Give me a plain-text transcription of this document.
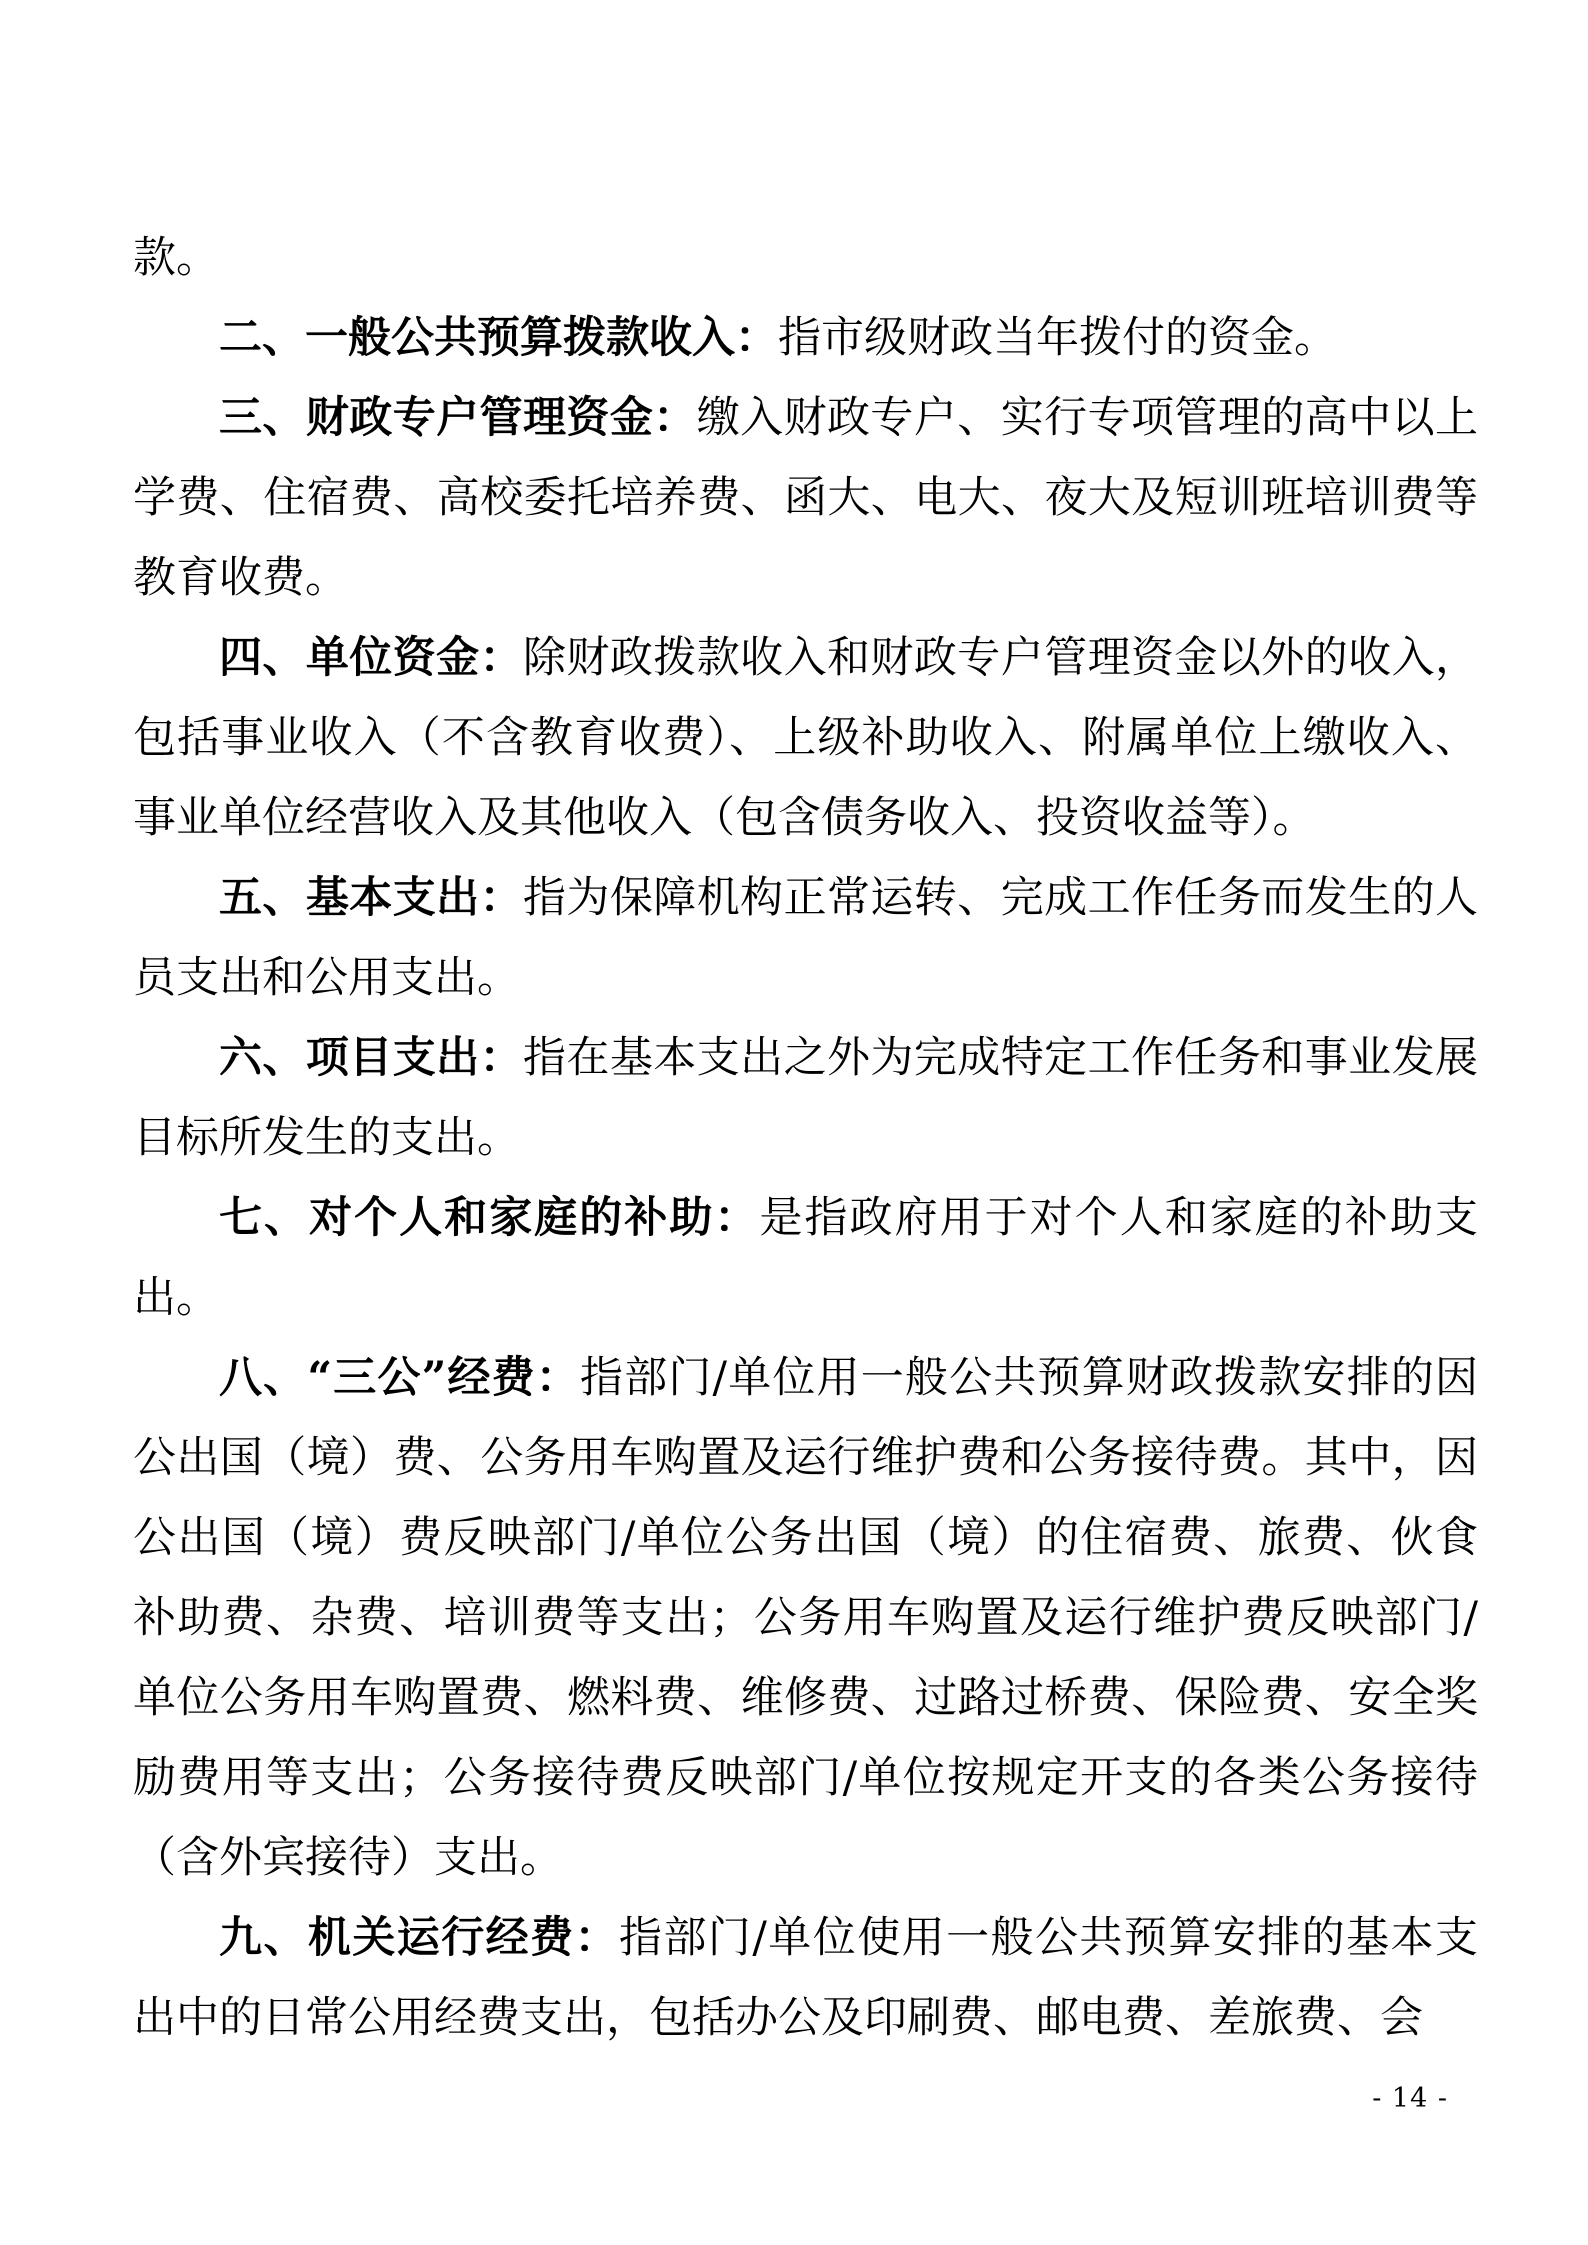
款。

二、一般公共预算拨款收入：指市级财政当年拨付的资金。

三、财政专户管理资金：缴入财政专户、实行专项管理的高中以上学费、住宿费、高校委托培养费、函大、电大、夜大及短训班培训费等教育收费。

四、单位资金：除财政拨款收入和财政专户管理资金以外的收入，包括事业收入（不含教育收费）、上级补助收入、附属单位上缴收入、事业单位经营收入及其他收入（包含债务收入、投资收益等）。

五、基本支出：指为保障机构正常运转、完成工作任务而发生的人员支出和公用支出。

六、项目支出：指在基本支出之外为完成特定工作任务和事业发展目标所发生的支出。

七、对个人和家庭的补助：是指政府用于对个人和家庭的补助支出。

八、“三公”经费：指部门/单位用一般公共预算财政拨款安排的因公出国（境）费、公务用车购置及运行维护费和公务接待费。其中，因公出国（境）费反映部门/单位公务出国（境）的住宿费、旅费、伙食补助费、杂费、培训费等支出；公务用车购置及运行维护费反映部门/单位公务用车购置费、燃料费、维修费、过路过桥费、保险费、安全奖励费用等支出；公务接待费反映部门/单位按规定开支的各类公务接待（含外宾接待）支出。

九、机关运行经费：指部门/单位使用一般公共预算安排的基本支出中的日常公用经费支出，包括办公及印刷费、邮电费、差旅费、会

- 14 -
